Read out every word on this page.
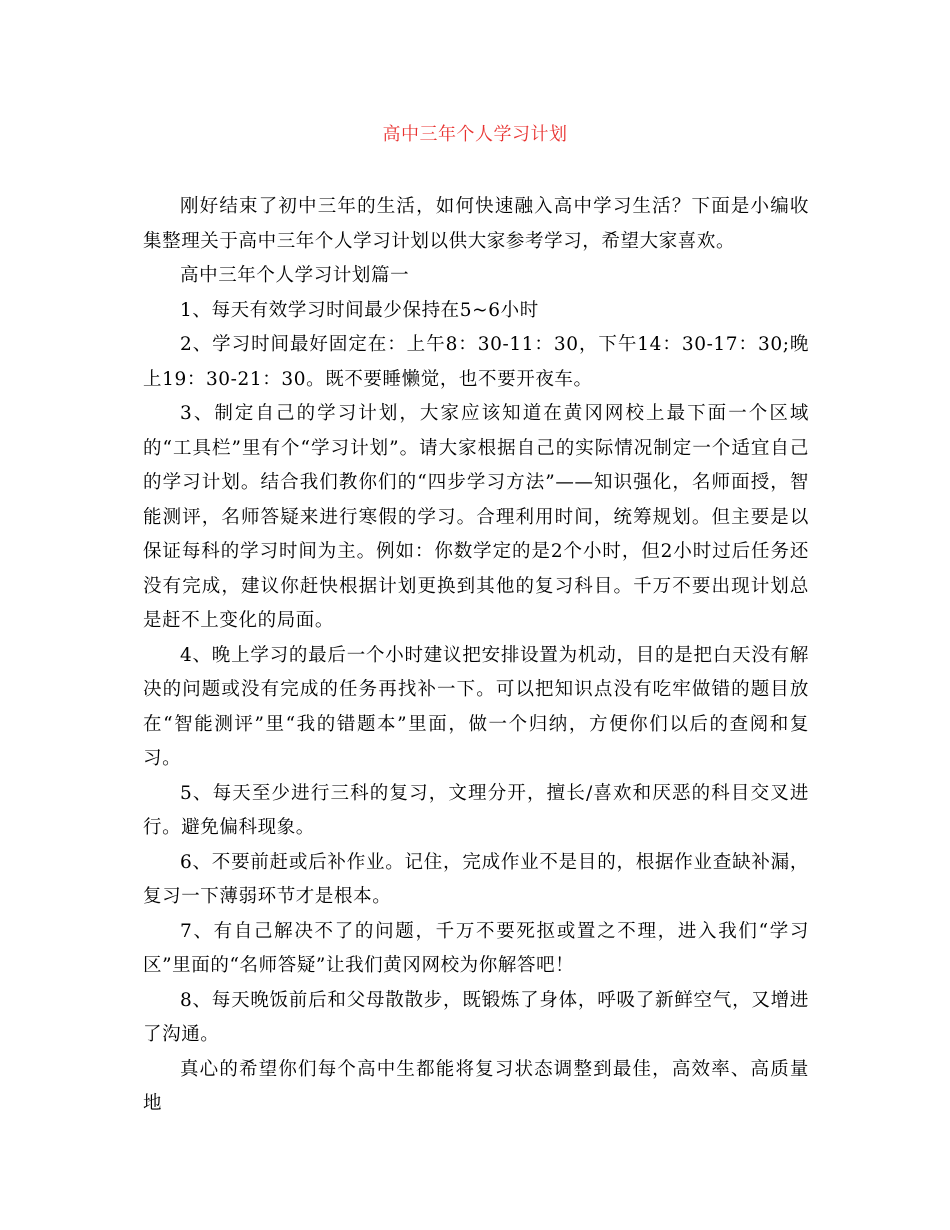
高中三年个人学习计划

刚好结束了初中三年的生活，如何快速融入高中学习生活？下面是小编收集整理关于高中三年个人学习计划以供大家参考学习，希望大家喜欢。

高中三年个人学习计划篇一

1、每天有效学习时间最少保持在5~6小时

2、学习时间最好固定在：上午8：30-11：30，下午14：30-17：30;晚上19：30-21：30。既不要睡懒觉，也不要开夜车。

3、制定自己的学习计划，大家应该知道在黄冈网校上最下面一个区域的“工具栏”里有个“学习计划”。请大家根据自己的实际情况制定一个适宜自己的学习计划。结合我们教你们的“四步学习方法”——知识强化，名师面授，智能测评，名师答疑来进行寒假的学习。合理利用时间，统筹规划。但主要是以保证每科的学习时间为主。例如：你数学定的是2个小时，但2小时过后任务还没有完成，建议你赶快根据计划更换到其他的复习科目。千万不要出现计划总是赶不上变化的局面。

4、晚上学习的最后一个小时建议把安排设置为机动，目的是把白天没有解决的问题或没有完成的任务再找补一下。可以把知识点没有吃牢做错的题目放在“智能测评”里“我的错题本”里面，做一个归纳，方便你们以后的查阅和复习。

5、每天至少进行三科的复习，文理分开，擅长/喜欢和厌恶的科目交叉进行。避免偏科现象。

6、不要前赶或后补作业。记住，完成作业不是目的，根据作业查缺补漏，复习一下薄弱环节才是根本。

7、有自己解决不了的问题，千万不要死抠或置之不理，进入我们“学习区”里面的“名师答疑”让我们黄冈网校为你解答吧！

8、每天晚饭前后和父母散散步，既锻炼了身体，呼吸了新鲜空气，又增进了沟通。

真心的希望你们每个高中生都能将复习状态调整到最佳，高效率、高质量地
